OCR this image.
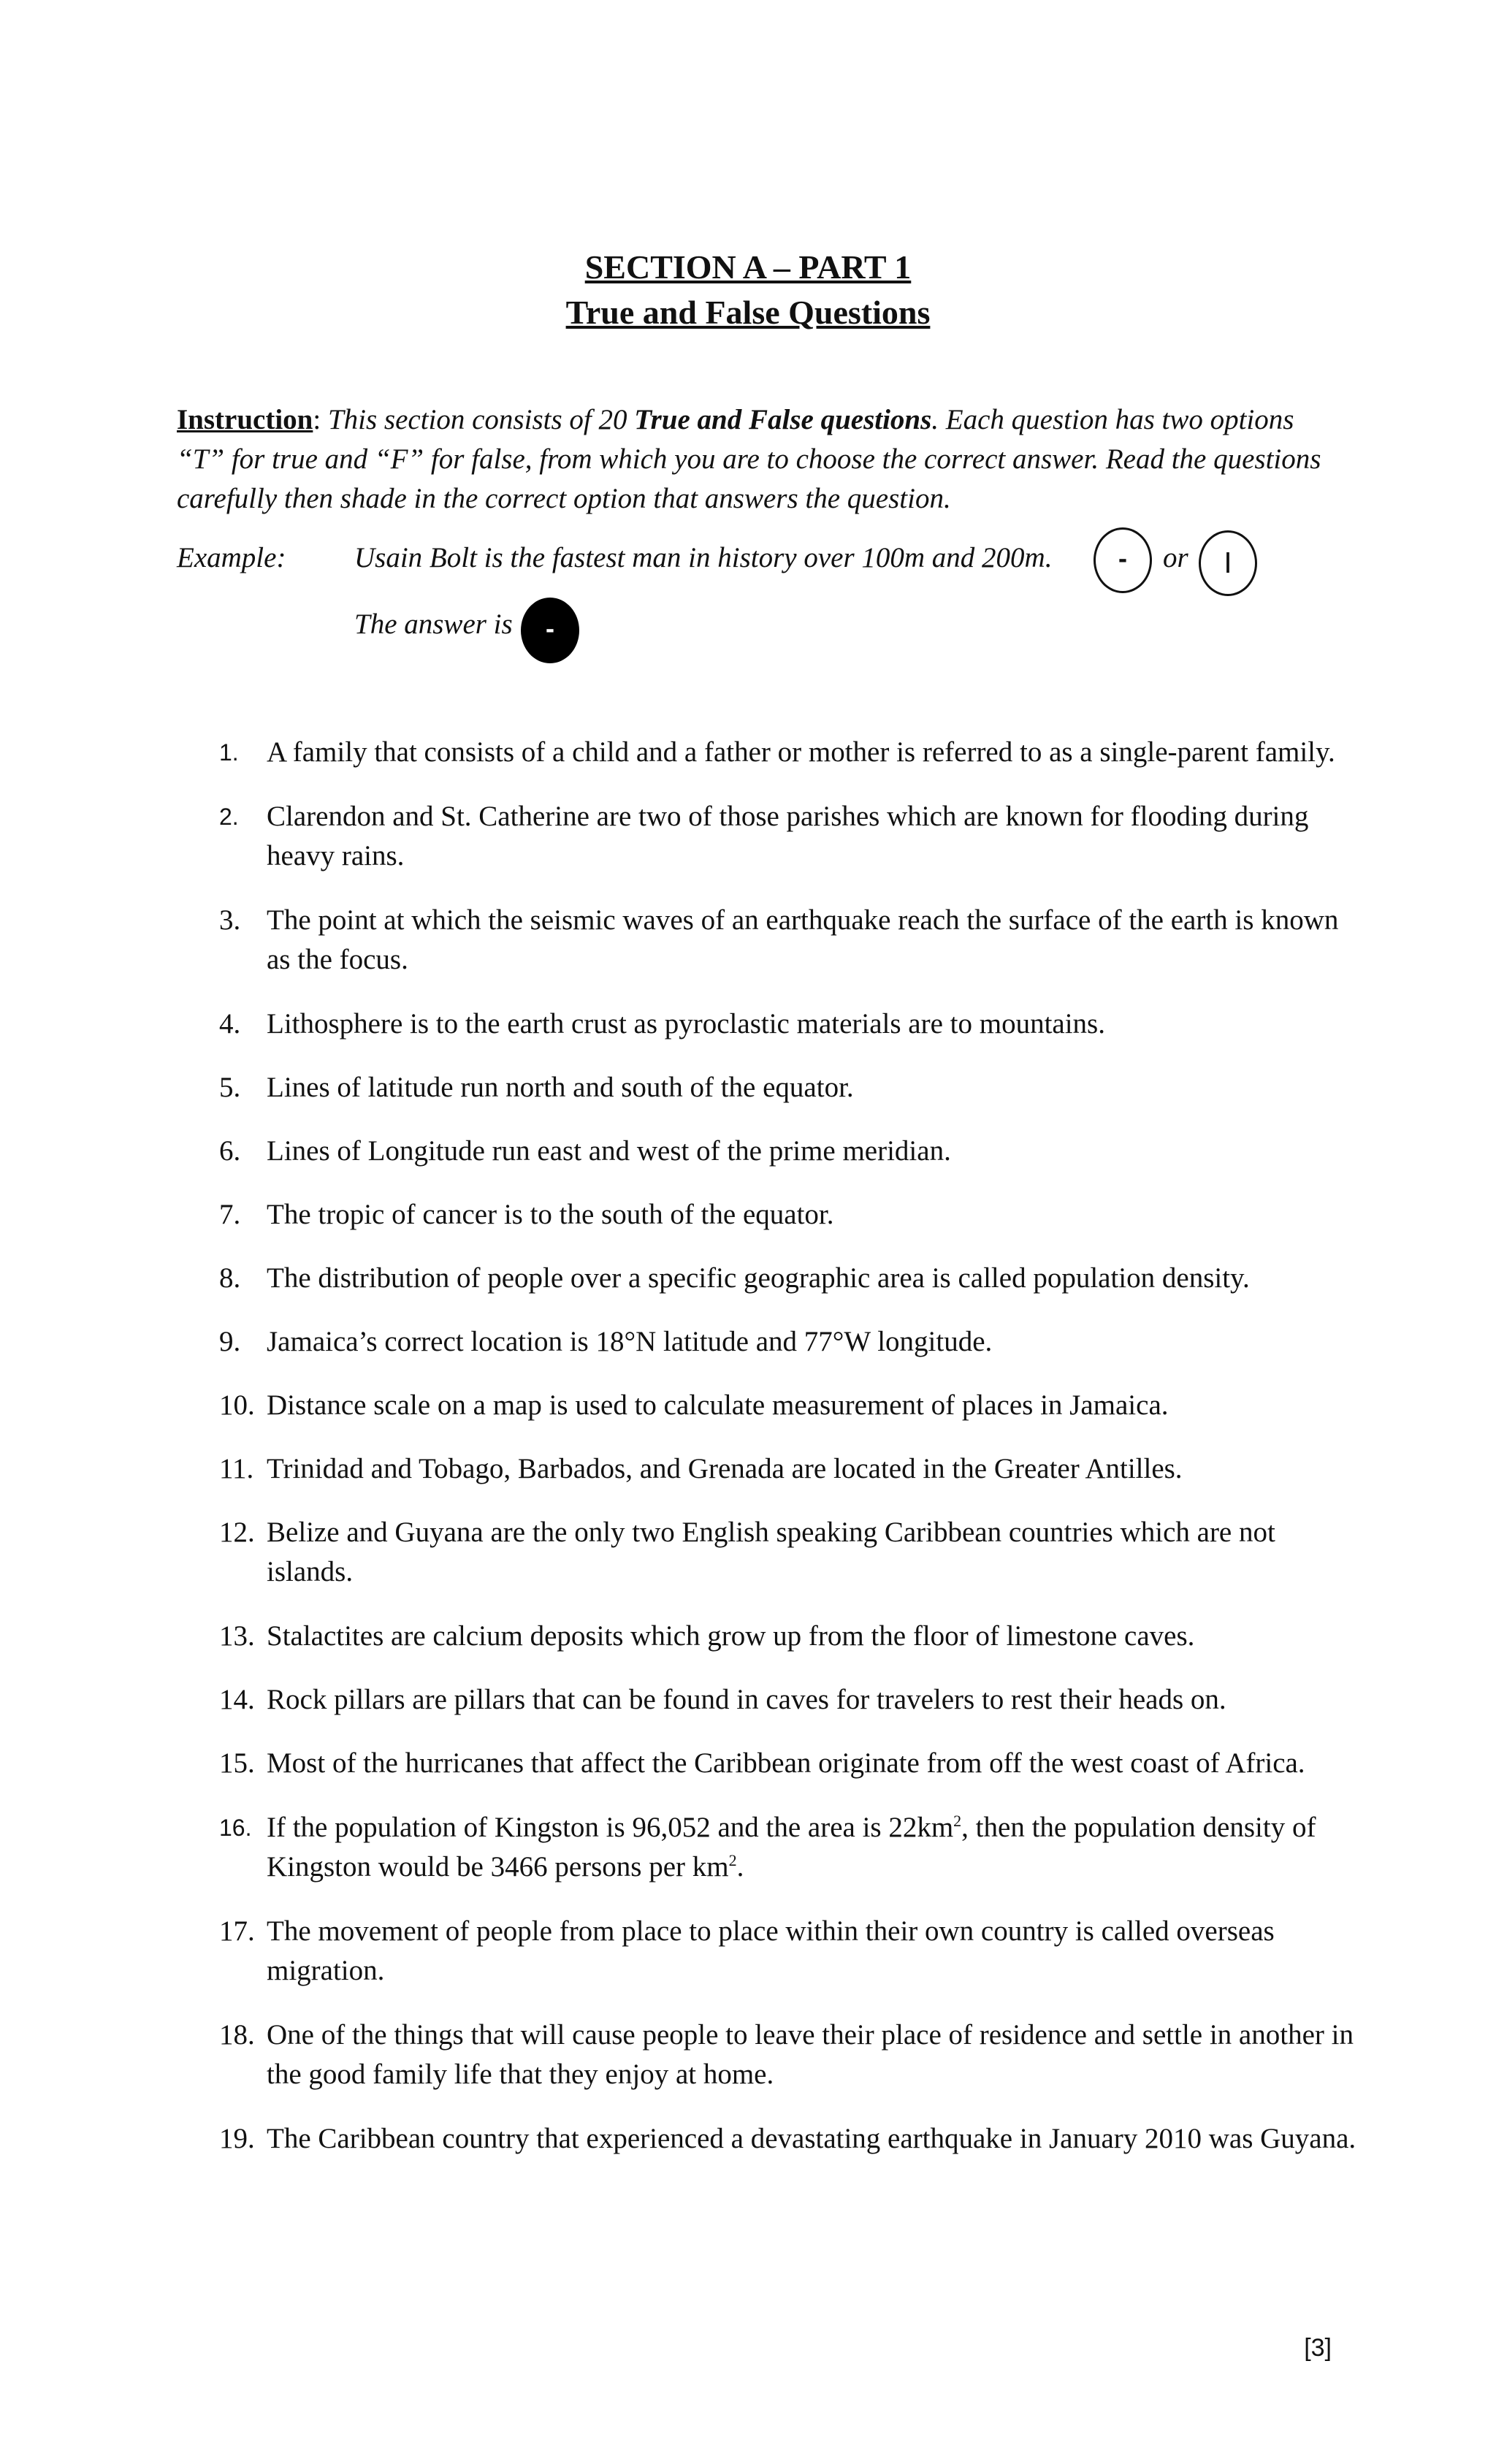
SECTION A – PART 1
True and False Questions
Instruction: This section consists of 20 True and False questions. Each question has two options “T” for true and “F” for false, from which you are to choose the correct answer. Read the questions carefully then shade in the correct option that answers the question.
Example: Usain Bolt is the fastest man in history over 100m and 200m.	or
-	I
The answer is	-
1. A family that consists of a child and a father or mother is referred to as a single-parent family.
2. Clarendon and St. Catherine are two of those parishes which are known for flooding during heavy rains.
3. The point at which the seismic waves of an earthquake reach the surface of the earth is known as the focus.
4. Lithosphere is to the earth crust as pyroclastic materials are to mountains.
5. Lines of latitude run north and south of the equator.
6. Lines of Longitude run east and west of the prime meridian.
7. The tropic of cancer is to the south of the equator.
8. The distribution of people over a specific geographic area is called population density.
9. Jamaica’s correct location is 18°N latitude and 77°W longitude.
10. Distance scale on a map is used to calculate measurement of places in Jamaica.
11. Trinidad and Tobago, Barbados, and Grenada are located in the Greater Antilles.
12. Belize and Guyana are the only two English speaking Caribbean countries which are not islands.
13. Stalactites are calcium deposits which grow up from the floor of limestone caves.
14. Rock pillars are pillars that can be found in caves for travelers to rest their heads on.
15. Most of the hurricanes that affect the Caribbean originate from off the west coast of Africa.
16. If the population of Kingston is 96,052 and the area is $22km^2$, then the population density of Kingston would be 3466 persons per $km^2$.
17. The movement of people from place to place within their own country is called overseas migration.
18. One of the things that will cause people to leave their place of residence and settle in another in the good family life that they enjoy at home.
19. The Caribbean country that experienced a devastating earthquake in January 2010 was Guyana.
[3]
